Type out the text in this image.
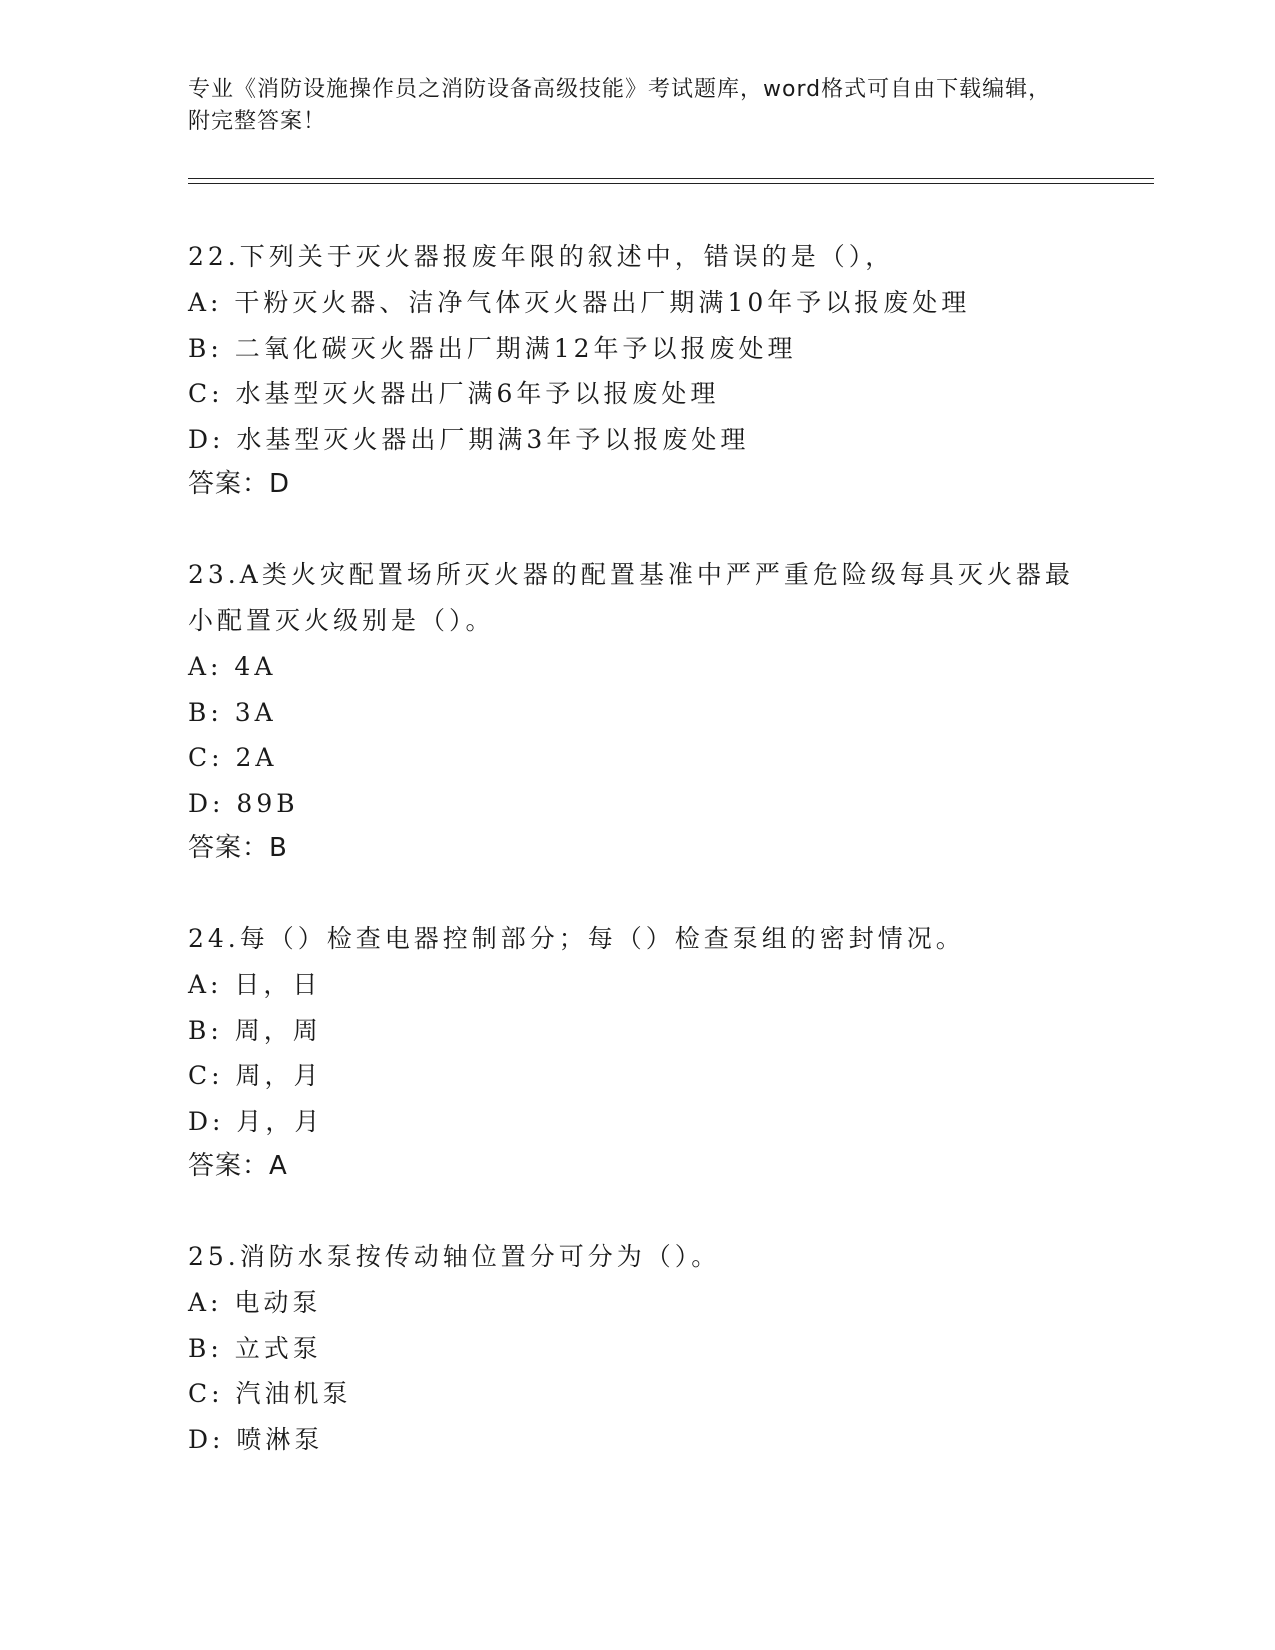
专业《消防设施操作员之消防设备高级技能》考试题库，word格式可自由下载编辑，附完整答案！
22.下列关于灭火器报废年限的叙述中，错误的是（），
A: 干粉灭火器、洁净气体灭火器出厂期满10年予以报废处理
B: 二氧化碳灭火器出厂期满12年予以报废处理
C: 水基型灭火器出厂满6年予以报废处理
D: 水基型灭火器出厂期满3年予以报废处理
答案：D
23.A类火灾配置场所灭火器的配置基准中严严重危险级每具灭火器最小配置灭火级别是（）。
A: 4A
B: 3A
C: 2A
D: 89B
答案：B
24.每（）检查电器控制部分；每（）检查泵组的密封情况。
A: 日，日
B: 周，周
C: 周，月
D: 月，月
答案：A
25.消防水泵按传动轴位置分可分为（）。
A: 电动泵
B: 立式泵
C: 汽油机泵
D: 喷淋泵
